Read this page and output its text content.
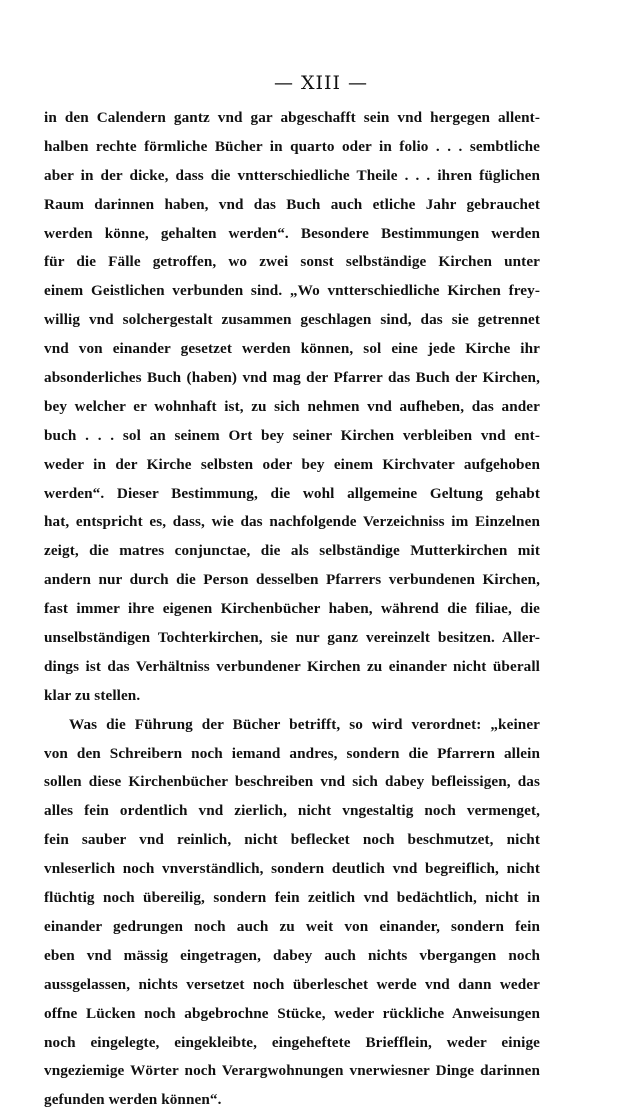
— XIII —
in den Calendern gantz vnd gar abgeschafft sein vnd hergegen allent-
halben rechte förmliche Bücher in quarto oder in folio . . . sembtliche
aber in der dicke, dass die vntterschiedliche Theile . . . ihren füglichen
Raum darinnen haben, vnd das Buch auch etliche Jahr gebrauchet
werden könne, gehalten werden“. Besondere Bestimmungen werden
für die Fälle getroffen, wo zwei sonst selbständige Kirchen unter
einem Geistlichen verbunden sind. „Wo vntterschiedliche Kirchen frey-
willig vnd solchergestalt zusammen geschlagen sind, das sie getrennet
vnd von einander gesetzet werden können, sol eine jede Kirche ihr
absonderliches Buch (haben) vnd mag der Pfarrer das Buch der Kirchen,
bey welcher er wohnhaft ist, zu sich nehmen vnd aufheben, das ander
buch . . . sol an seinem Ort bey seiner Kirchen verbleiben vnd ent-
weder in der Kirche selbsten oder bey einem Kirchvater aufgehoben
werden“. Dieser Bestimmung, die wohl allgemeine Geltung gehabt
hat, entspricht es, dass, wie das nachfolgende Verzeichniss im Einzelnen
zeigt, die matres conjunctae, die als selbständige Mutterkirchen mit
andern nur durch die Person desselben Pfarrers verbundenen Kirchen,
fast immer ihre eigenen Kirchenbücher haben, während die filiae, die
unselbständigen Tochterkirchen, sie nur ganz vereinzelt besitzen. Aller-
dings ist das Verhältniss verbundener Kirchen zu einander nicht überall
klar zu stellen.
Was die Führung der Bücher betrifft, so wird verordnet: „keiner
von den Schreibern noch iemand andres, sondern die Pfarrern allein
sollen diese Kirchenbücher beschreiben vnd sich dabey befleissigen, das
alles fein ordentlich vnd zierlich, nicht vngestaltig noch vermenget,
fein sauber vnd reinlich, nicht beflecket noch beschmutzet, nicht
vnleserlich noch vnverständlich, sondern deutlich vnd begreiflich, nicht
flüchtig noch übereilig, sondern fein zeitlich vnd bedächtlich, nicht in
einander gedrungen noch auch zu weit von einander, sondern fein
eben vnd mässig eingetragen, dabey auch nichts vbergangen noch
aussgelassen, nichts versetzet noch überleschet werde vnd dann weder
offne Lücken noch abgebrochne Stücke, weder rückliche Anweisungen
noch eingelegte, eingekleibte, eingeheftete Briefflein, weder einige
vngeziemige Wörter noch Verargwohnungen vnerwiesner Dinge darinnen
gefunden werden können“.
